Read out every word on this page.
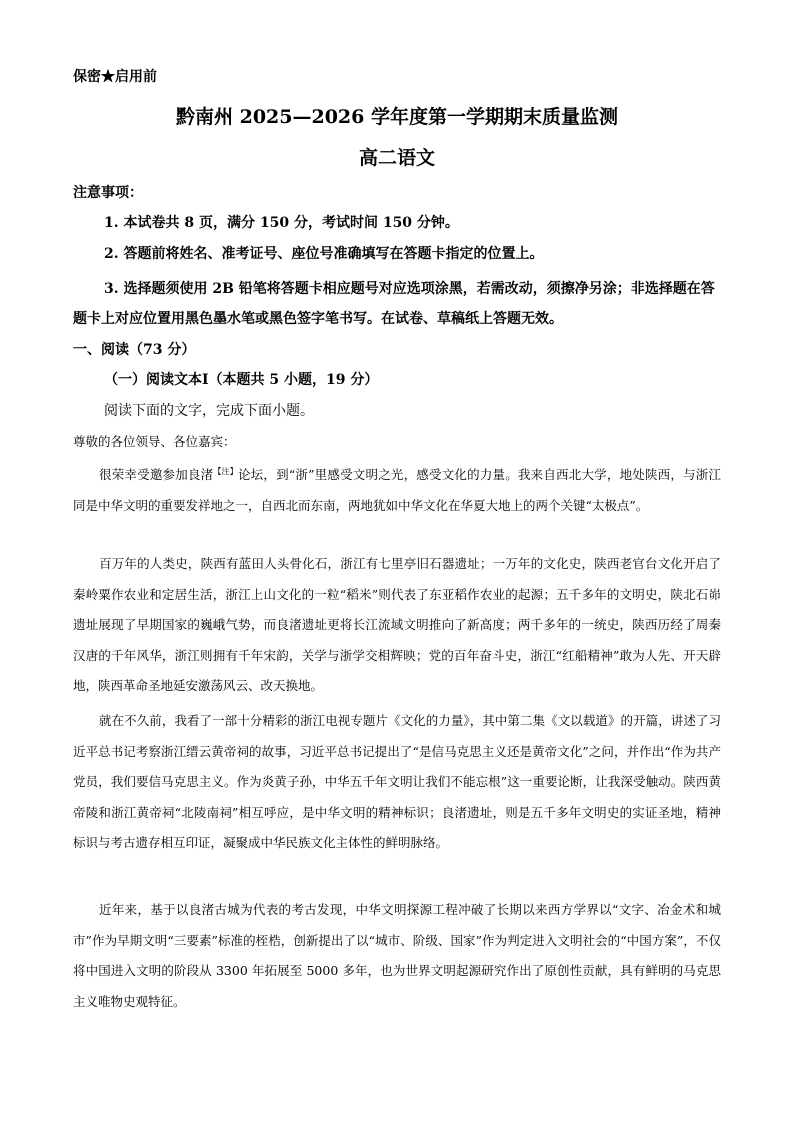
保密★启用前
黔南州 2025—2026 学年度第一学期期末质量监测
高二语文
注意事项：
1. 本试卷共 8 页，满分 150 分，考试时间 150 分钟。
2. 答题前将姓名、准考证号、座位号准确填写在答题卡指定的位置上。
3. 选择题须使用 2B 铅笔将答题卡相应题号对应选项涂黑，若需改动，须擦净另涂；非选择题在答题卡上对应位置用黑色墨水笔或黑色签字笔书写。在试卷、草稿纸上答题无效。
一、阅读（73 分）
（一）阅读文本Ⅰ（本题共 5 小题，19 分）
阅读下面的文字，完成下面小题。
尊敬的各位领导、各位嘉宾：
很荣幸受邀参加良渚$^{【注】}$论坛，到“浙”里感受文明之光，感受文化的力量。我来自西北大学，地处陕西，与浙江同是中华文明的重要发祥地之一，自西北而东南，两地犹如中华文化在华夏大地上的两个关键“太极点”。
百万年的人类史，陕西有蓝田人头骨化石，浙江有七里亭旧石器遗址；一万年的文化史，陕西老官台文化开启了秦岭粟作农业和定居生活，浙江上山文化的一粒“稻米”则代表了东亚稻作农业的起源；五千多年的文明史，陕北石峁遗址展现了早期国家的巍峨气势，而良渚遗址更将长江流域文明推向了新高度；两千多年的一统史，陕西历经了周秦汉唐的千年风华，浙江则拥有千年宋韵，关学与浙学交相辉映；党的百年奋斗史，浙江“红船精神”敢为人先、开天辟地，陕西革命圣地延安激荡风云、改天换地。
就在不久前，我看了一部十分精彩的浙江电视专题片《文化的力量》，其中第二集《文以载道》的开篇，讲述了习近平总书记考察浙江缙云黄帝祠的故事，习近平总书记提出了“是信马克思主义还是黄帝文化”之问，并作出“作为共产党员，我们要信马克思主义。作为炎黄子孙，中华五千年文明让我们不能忘根”这一重要论断，让我深受触动。陕西黄帝陵和浙江黄帝祠“北陵南祠”相互呼应，是中华文明的精神标识；良渚遗址，则是五千多年文明史的实证圣地，精神标识与考古遗存相互印证，凝聚成中华民族文化主体性的鲜明脉络。
近年来，基于以良渚古城为代表的考古发现，中华文明探源工程冲破了长期以来西方学界以“文字、冶金术和城市”作为早期文明“三要素”标准的桎梏，创新提出了以“城市、阶级、国家”作为判定进入文明社会的“中国方案”，不仅将中国进入文明的阶段从 3300 年拓展至 5000 多年，也为世界文明起源研究作出了原创性贡献，具有鲜明的马克思主义唯物史观特征。
